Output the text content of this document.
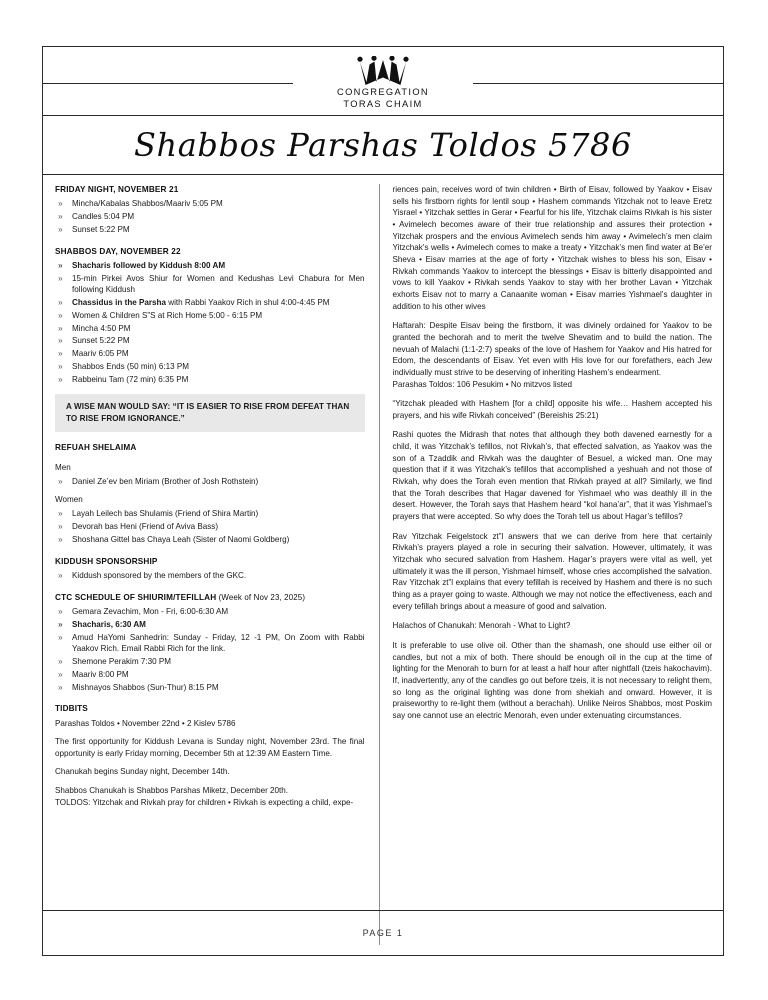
CONGREGATION
TORAS CHAIM
Shabbos Parshas Toldos 5786
FRIDAY NIGHT, NOVEMBER 21
» Mincha/Kabalas Shabbos/Maariv 5:05 PM
» Candles 5:04 PM
» Sunset 5:22 PM
SHABBOS DAY, NOVEMBER 22
» Shacharis followed by Kiddush 8:00 AM
» 15-min Pirkei Avos Shiur for Women and Kedushas Levi Chabura for Men following Kiddush
» Chassidus in the Parsha with Rabbi Yaakov Rich in shul 4:00-4:45 PM
» Women & Children S”S at Rich Home 5:00 - 6:15 PM
» Mincha 4:50 PM
» Sunset 5:22 PM
» Maariv 6:05 PM
» Shabbos Ends (50 min) 6:13 PM
» Rabbeinu Tam (72 min) 6:35 PM
A WISE MAN WOULD SAY: “IT IS EASIER TO RISE FROM DEFEAT THAN TO RISE FROM IGNORANCE.”
REFUAH SHELAIMA
Men
» Daniel Ze’ev ben Miriam (Brother of Josh Rothstein)
Women
» Layah Leilech bas Shulamis (Friend of Shira Martin)
» Devorah bas Heni (Friend of Aviva Bass)
» Shoshana Gittel bas Chaya Leah (Sister of Naomi Goldberg)
KIDDUSH SPONSORSHIP
» Kiddush sponsored by the members of the GKC.
CTC SCHEDULE OF SHIURIM/TEFILLAH (Week of Nov 23, 2025)
» Gemara Zevachim, Mon - Fri, 6:00-6:30 AM
» Shacharis, 6:30 AM
» Amud HaYomi Sanhedrin: Sunday - Friday, 12 -1 PM, On Zoom with Rabbi Yaakov Rich. Email Rabbi Rich for the link.
» Shemone Perakim 7:30 PM
» Maariv 8:00 PM
» Mishnayos Shabbos (Sun-Thur) 8:15 PM
TIDBITS
Parashas Toldos • November 22nd • 2 Kislev 5786
The first opportunity for Kiddush Levana is Sunday night, November 23rd. The final opportunity is early Friday morning, December 5th at 12:39 AM Eastern Time.
Chanukah begins Sunday night, December 14th.
Shabbos Chanukah is Shabbos Parshas Miketz, December 20th.
TOLDOS: Yitzchak and Rivkah pray for children • Rivkah is expecting a child, expe-
riences pain, receives word of twin children • Birth of Eisav, followed by Yaakov • Eisav sells his firstborn rights for lentil soup • Hashem commands Yitzchak not to leave Eretz Yisrael • Yitzchak settles in Gerar • Fearful for his life, Yitzchak claims Rivkah is his sister • Avimelech becomes aware of their true relationship and assures their protection • Yitzchak prospers and the envious Avimelech sends him away • Avimelech’s men claim Yitzchak’s wells • Avimelech comes to make a treaty • Yitzchak’s men find water at Be’er Sheva • Eisav marries at the age of forty • Yitzchak wishes to bless his son, Eisav • Rivkah commands Yaakov to intercept the blessings • Eisav is bitterly disappointed and vows to kill Yaakov • Rivkah sends Yaakov to stay with her brother Lavan • Yitzchak exhorts Eisav not to marry a Canaanite woman • Eisav marries Yishmael’s daughter in addition to his other wives
Haftarah: Despite Eisav being the firstborn, it was divinely ordained for Yaakov to be granted the bechorah and to merit the twelve Shevatim and to build the nation. The nevuah of Malachi (1:1-2:7) speaks of the love of Hashem for Yaakov and His hatred for Edom, the descendants of Eisav. Yet even with His love for our forefathers, each Jew individually must strive to be deserving of inheriting Hashem’s endearment.
Parashas Toldos: 106 Pesukim • No mitzvos listed
“Yitzchak pleaded with Hashem [for a child] opposite his wife… Hashem accepted his prayers, and his wife Rivkah conceived” (Bereishis 25:21)
Rashi quotes the Midrash that notes that although they both davened earnestly for a child, it was Yitzchak’s tefillos, not Rivkah’s, that effected salvation, as Yaakov was the son of a Tzaddik and Rivkah was the daughter of Besuel, a wicked man. One may question that if it was Yitzchak’s tefillos that accomplished a yeshuah and not those of Rivkah, why does the Torah even mention that Rivkah prayed at all? Similarly, we find that the Torah describes that Hagar davened for Yishmael who was deathly ill in the desert. However, the Torah says that Hashem heard “kol hana’ar”, that it was Yishmael’s prayers that were accepted. So why does the Torah tell us about Hagar’s tefillos?
Rav Yitzchak Feigelstock zt”l answers that we can derive from here that certainly Rivkah’s prayers played a role in securing their salvation. However, ultimately, it was Yitzchak who secured salvation from Hashem. Hagar’s prayers were vital as well, yet ultimately it was the ill person, Yishmael himself, whose cries accomplished the salvation. Rav Yitzchak zt”l explains that every tefillah is received by Hashem and there is no such thing as a prayer going to waste. Although we may not notice the effectiveness, each and every tefillah brings about a measure of good and salvation.
Halachos of Chanukah: Menorah - What to Light?
It is preferable to use olive oil. Other than the shamash, one should use either oil or candles, but not a mix of both. There should be enough oil in the cup at the time of lighting for the Menorah to burn for at least a half hour after nightfall (tzeis hakochavim). If, inadvertently, any of the candles go out before tzeis, it is not necessary to relight them, so long as the original lighting was done from shekiah and onward. However, it is praiseworthy to re-light them (without a berachah). Unlike Neiros Shabbos, most Poskim say one cannot use an electric Menorah, even under extenuating circumstances.
PAGE 1
